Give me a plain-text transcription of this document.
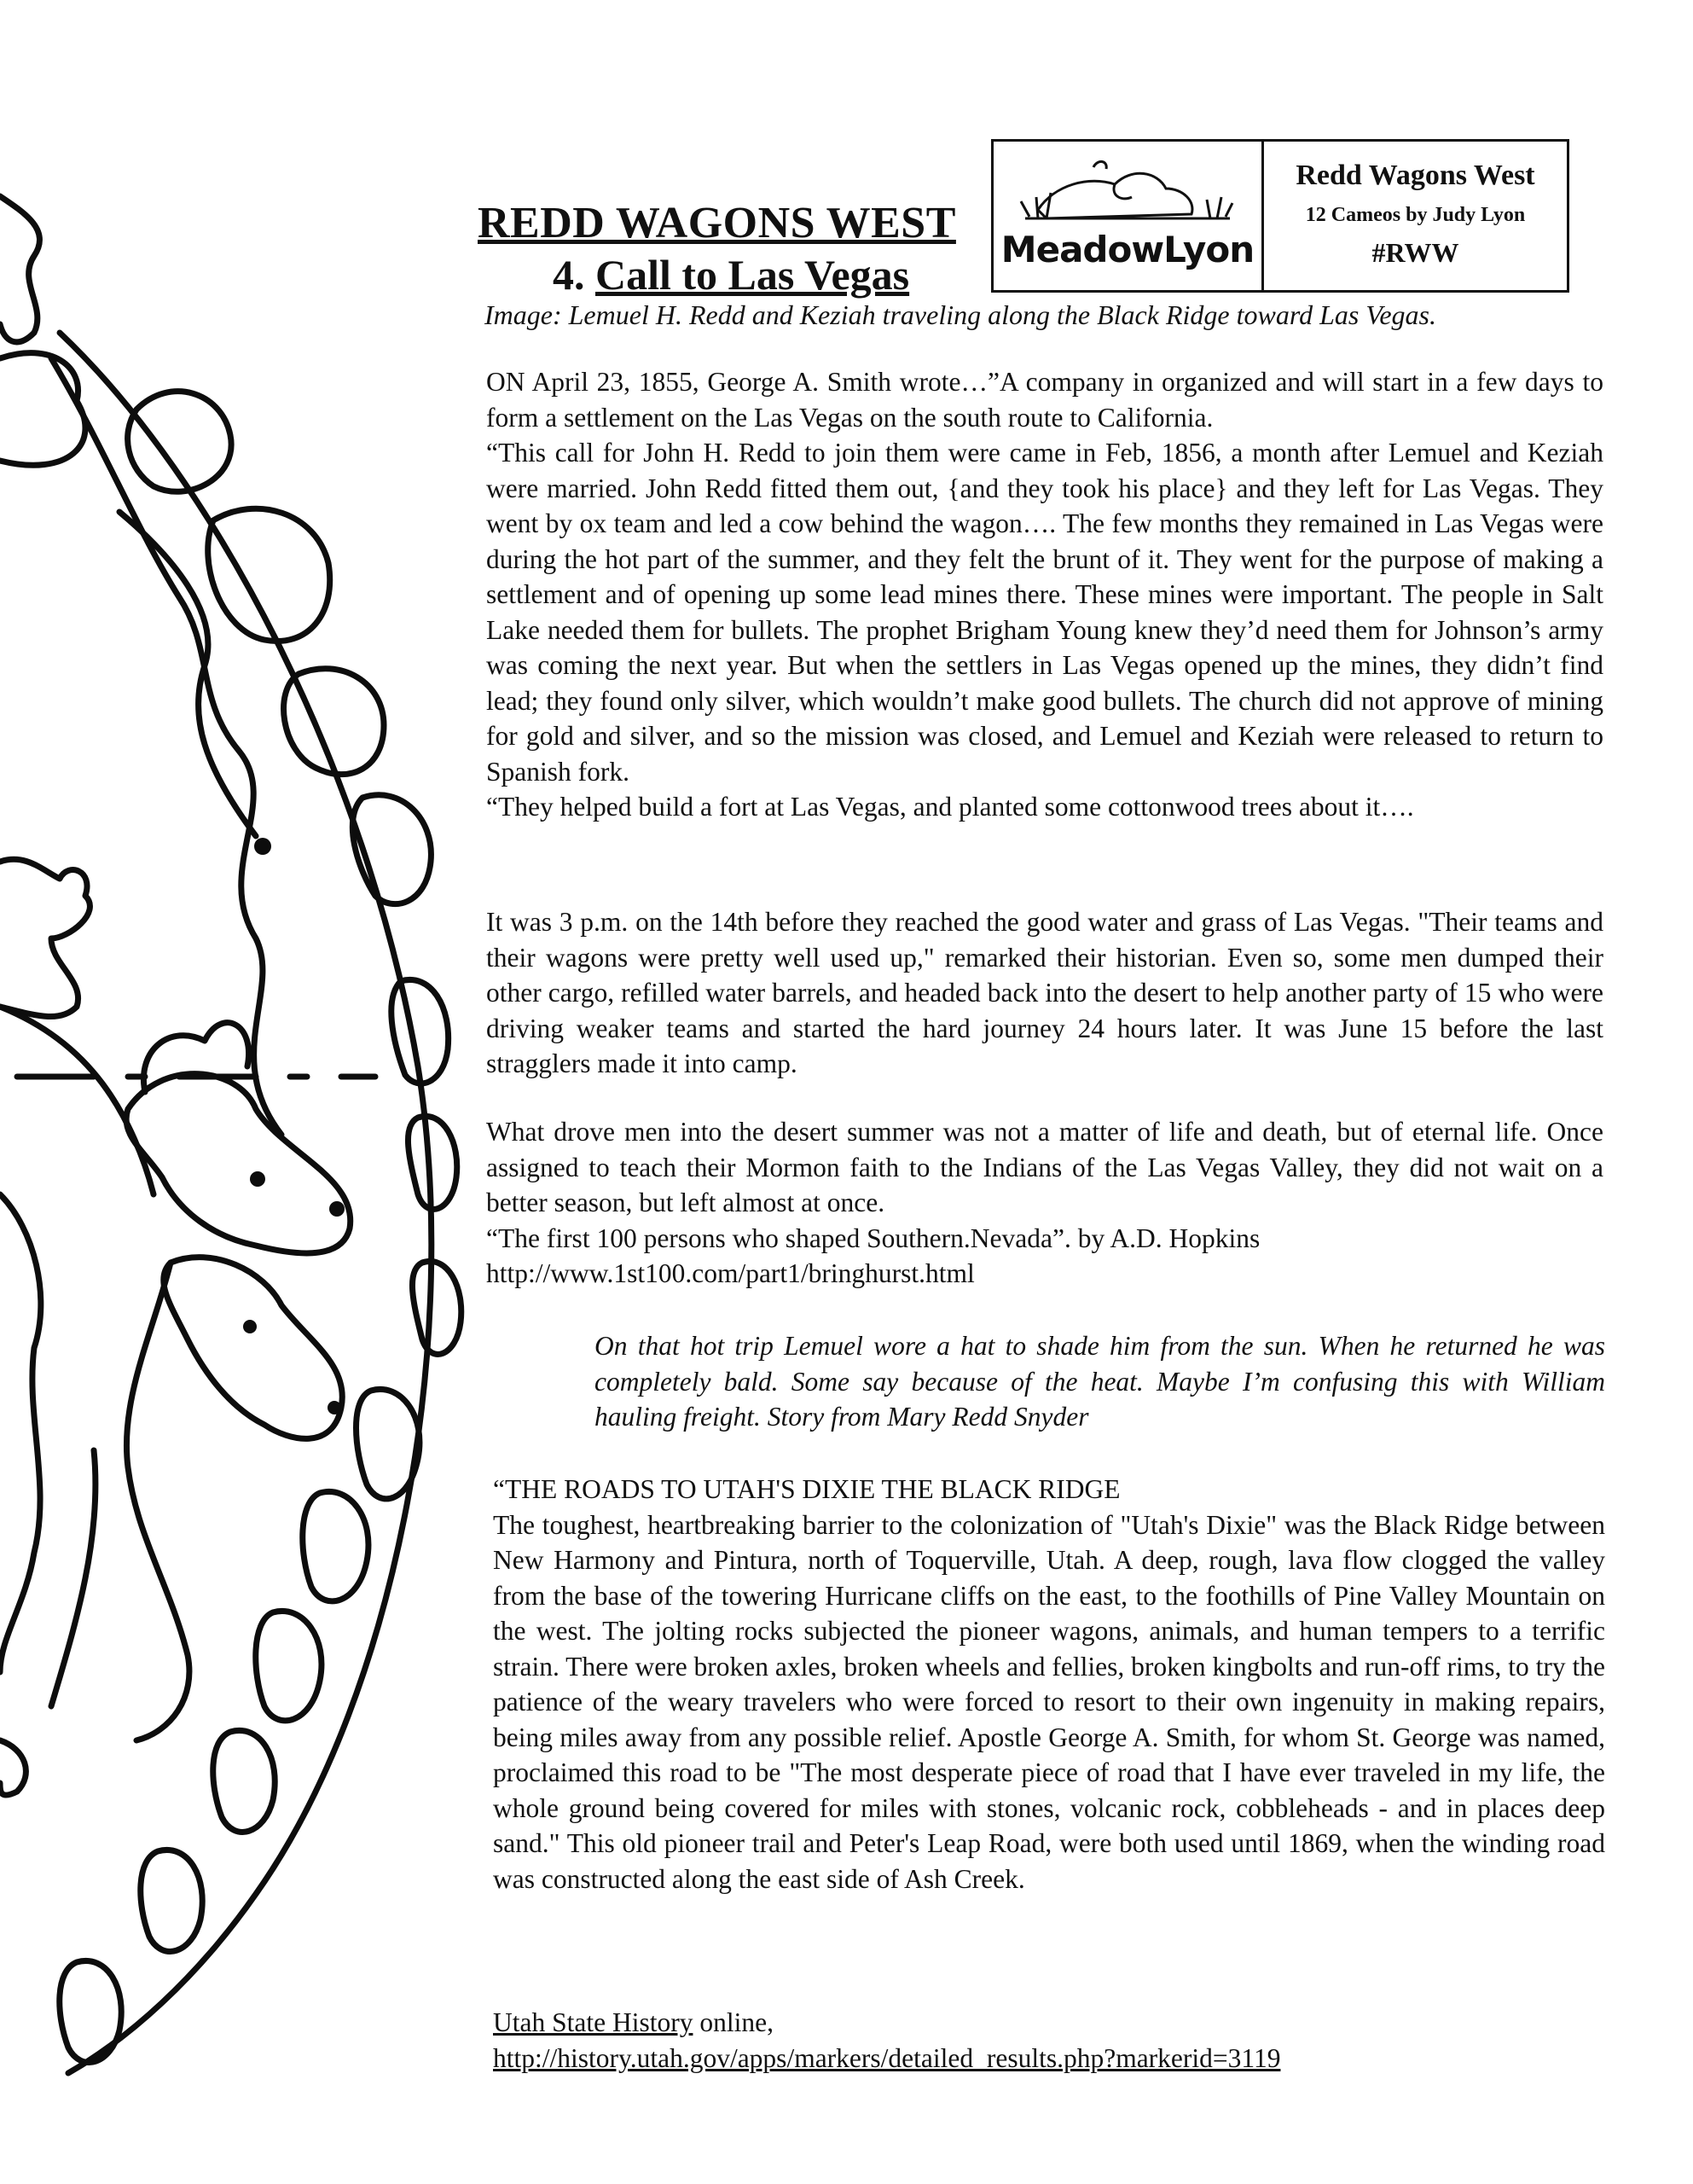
REDD WAGONS WEST
4. Call to Las Vegas
MeadowLyon
Redd Wagons West
12 Cameos by Judy Lyon
#RWW
Image: Lemuel H. Redd and Keziah traveling along the Black Ridge toward Las Vegas.

ON April 23, 1855, George A. Smith wrote…”A company in organized and will start in a few days to form a settlement on the Las Vegas on the south route to California.

“This call for John H. Redd to join them were came in Feb, 1856, a month after Lemuel and Keziah were married. John Redd fitted them out, {and they took his place} and they left for Las Vegas. They went by ox team and led a cow behind the wagon…. The few months they remained in Las Vegas were during the hot part of the summer, and they felt the brunt of it. They went for the purpose of making a settlement and of opening up some lead mines there. These mines were important. The people in Salt Lake needed them for bullets. The prophet Brigham Young knew they’d need them for Johnson’s army was coming the next year. But when the settlers in Las Vegas opened up the mines, they didn’t find lead; they found only silver, which wouldn’t make good bullets. The church did not approve of mining for gold and silver, and so the mission was closed, and Lemuel and Keziah were released to return to Spanish fork.

“They helped build a fort at Las Vegas, and planted some cottonwood trees about it….

It was 3 p.m. on the 14th before they reached the good water and grass of Las Vegas. "Their teams and their wagons were pretty well used up," remarked their historian. Even so, some men dumped their other cargo, refilled water barrels, and headed back into the desert to help another party of 15 who were driving weaker teams and started the hard journey 24 hours later. It was June 15 before the last stragglers made it into camp.

What drove men into the desert summer was not a matter of life and death, but of eternal life. Once assigned to teach their Mormon faith to the Indians of the Las Vegas Valley, they did not wait on a better season, but left almost at once.

“The first 100 persons who shaped Southern.Nevada”. by A.D. Hopkins

http://www.1st100.com/part1/bringhurst.html

On that hot trip Lemuel wore a hat to shade him from the sun. When he returned he was completely bald. Some say because of the heat. Maybe I’m confusing this with William hauling freight. Story from Mary Redd Snyder

“THE ROADS TO UTAH'S DIXIE THE BLACK RIDGE

The toughest, heartbreaking barrier to the colonization of "Utah's Dixie" was the Black Ridge between New Harmony and Pintura, north of Toquerville, Utah. A deep, rough, lava flow clogged the valley from the base of the towering Hurricane cliffs on the east, to the foothills of Pine Valley Mountain on the west. The jolting rocks subjected the pioneer wagons, animals, and human tempers to a terrific strain. There were broken axles, broken wheels and fellies, broken kingbolts and run-off rims, to try the patience of the weary travelers who were forced to resort to their own ingenuity in making repairs, being miles away from any possible relief. Apostle George A. Smith, for whom St. George was named, proclaimed this road to be "The most desperate piece of road that I have ever traveled in my life, the whole ground being covered for miles with stones, volcanic rock, cobbleheads - and in places deep sand." This old pioneer trail and Peter's Leap Road, were both used until 1869, when the winding road was constructed along the east side of Ash Creek.

Utah State History online,

http://history.utah.gov/apps/markers/detailed_results.php?markerid=3119
